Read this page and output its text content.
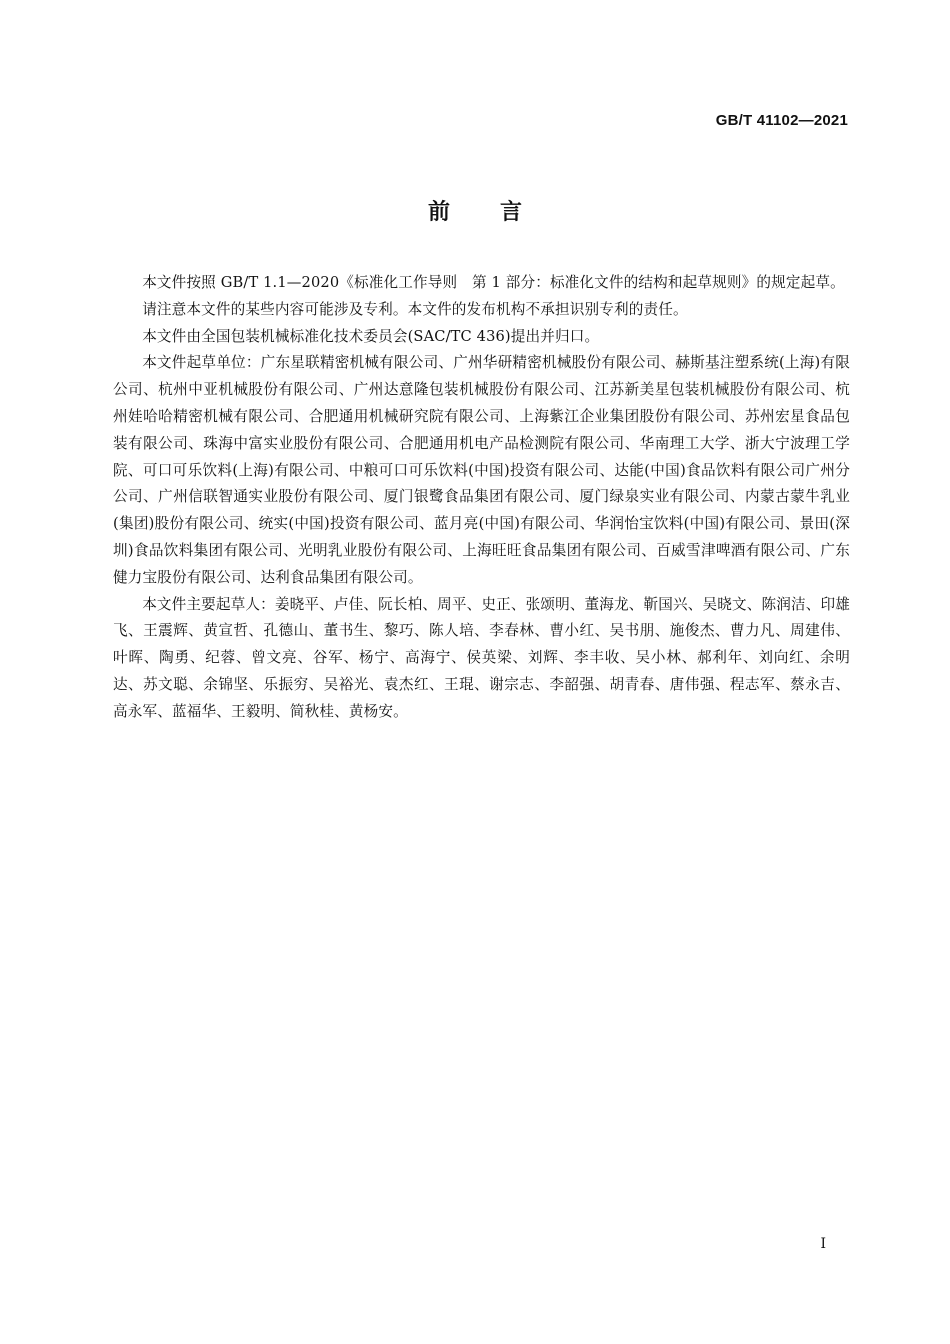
GB/T 41102—2021
前 言

本文件按照 GB/T 1.1—2020《标准化工作导则　第 1 部分：标准化文件的结构和起草规则》的规定起草。

请注意本文件的某些内容可能涉及专利。本文件的发布机构不承担识别专利的责任。

本文件由全国包装机械标准化技术委员会(SAC/TC 436)提出并归口。

本文件起草单位：广东星联精密机械有限公司、广州华研精密机械股份有限公司、赫斯基注塑系统(上海)有限公司、杭州中亚机械股份有限公司、广州达意隆包装机械股份有限公司、江苏新美星包装机械股份有限公司、杭州娃哈哈精密机械有限公司、合肥通用机械研究院有限公司、上海紫江企业集团股份有限公司、苏州宏星食品包装有限公司、珠海中富实业股份有限公司、合肥通用机电产品检测院有限公司、华南理工大学、浙大宁波理工学院、可口可乐饮料(上海)有限公司、中粮可口可乐饮料(中国)投资有限公司、达能(中国)食品饮料有限公司广州分公司、广州信联智通实业股份有限公司、厦门银鹭食品集团有限公司、厦门绿泉实业有限公司、内蒙古蒙牛乳业(集团)股份有限公司、统实(中国)投资有限公司、蓝月亮(中国)有限公司、华润怡宝饮料(中国)有限公司、景田(深圳)食品饮料集团有限公司、光明乳业股份有限公司、上海旺旺食品集团有限公司、百威雪津啤酒有限公司、广东健力宝股份有限公司、达利食品集团有限公司。

本文件主要起草人：姜晓平、卢佳、阮长柏、周平、史正、张颂明、董海龙、靳国兴、吴晓文、陈润洁、印雄飞、王震辉、黄宣哲、孔德山、董书生、黎巧、陈人培、李春林、曹小红、吴书朋、施俊杰、曹力凡、周建伟、叶晖、陶勇、纪蓉、曾文亮、谷军、杨宁、高海宁、侯英梁、刘辉、李丰收、吴小林、郝利年、刘向红、余明达、苏文聪、余锦坚、乐振穷、吴裕光、袁杰红、王琨、谢宗志、李韶强、胡青春、唐伟强、程志军、蔡永吉、高永军、蓝福华、王毅明、简秋桂、黄杨安。

I
